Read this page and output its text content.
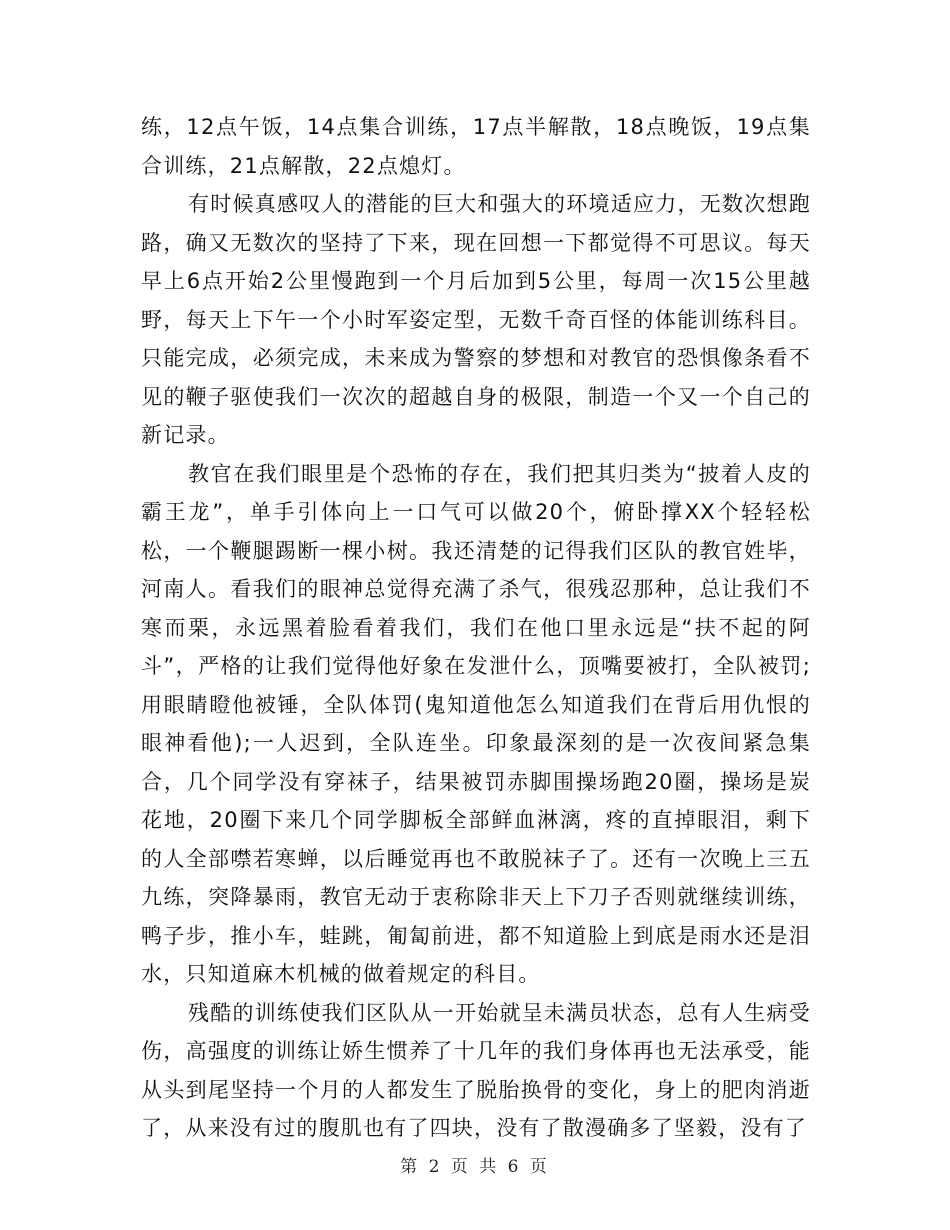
练，12点午饭，14点集合训练，17点半解散，18点晚饭，19点集合训练，21点解散，22点熄灯。

有时候真感叹人的潜能的巨大和强大的环境适应力，无数次想跑路，确又无数次的坚持了下来，现在回想一下都觉得不可思议。每天早上6点开始2公里慢跑到一个月后加到5公里，每周一次15公里越野，每天上下午一个小时军姿定型，无数千奇百怪的体能训练科目。只能完成，必须完成，未来成为警察的梦想和对教官的恐惧像条看不见的鞭子驱使我们一次次的超越自身的极限，制造一个又一个自己的新记录。

教官在我们眼里是个恐怖的存在，我们把其归类为“披着人皮的霸王龙”，单手引体向上一口气可以做20个，俯卧撑XX个轻轻松松，一个鞭腿踢断一棵小树。我还清楚的记得我们区队的教官姓毕，河南人。看我们的眼神总觉得充满了杀气，很残忍那种，总让我们不寒而栗，永远黑着脸看着我们，我们在他口里永远是“扶不起的阿斗”，严格的让我们觉得他好象在发泄什么，顶嘴要被打，全队被罚;用眼睛瞪他被锤，全队体罚(鬼知道他怎么知道我们在背后用仇恨的眼神看他);一人迟到，全队连坐。印象最深刻的是一次夜间紧急集合，几个同学没有穿袜子，结果被罚赤脚围操场跑20圈，操场是炭花地，20圈下来几个同学脚板全部鲜血淋漓，疼的直掉眼泪，剩下的人全部噤若寒蝉，以后睡觉再也不敢脱袜子了。还有一次晚上三五九练，突降暴雨，教官无动于衷称除非天上下刀子否则就继续训练，鸭子步，推小车，蛙跳，匍匐前进，都不知道脸上到底是雨水还是泪水，只知道麻木机械的做着规定的科目。

残酷的训练使我们区队从一开始就呈未满员状态，总有人生病受伤，高强度的训练让娇生惯养了十几年的我们身体再也无法承受，能从头到尾坚持一个月的人都发生了脱胎换骨的变化，身上的肥肉消逝了，从来没有过的腹肌也有了四块，没有了散漫确多了坚毅，没有了

第 2 页 共 6 页
